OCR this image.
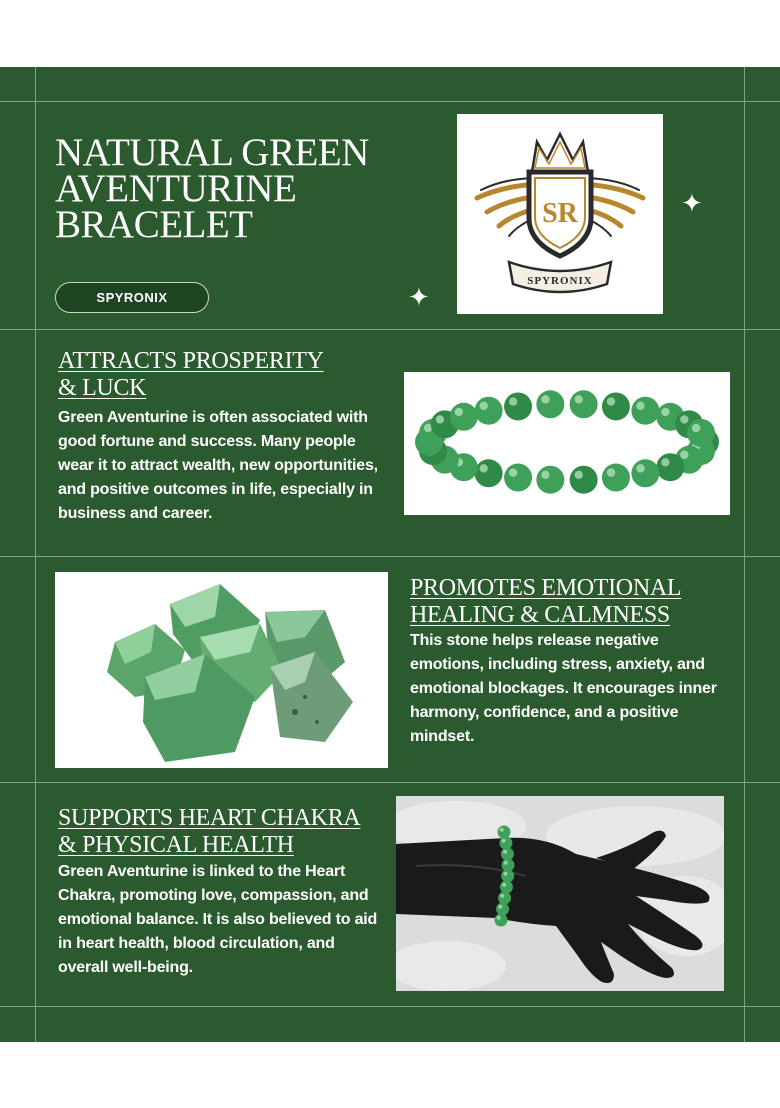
NATURAL GREEN
AVENTURINE
BRACELET
SPYRONIX	✦
✦
SR
SPYRONIX
ATTRACTS PROSPERITY
& LUCK

Green Aventurine is often associated with good fortune and success. Many people wear it to attract wealth, new opportunities, and positive outcomes in life, especially in business and career.

PROMOTES EMOTIONAL
HEALING & CALMNESS

This stone helps release negative emotions, including stress, anxiety, and emotional blockages. It encourages inner harmony, confidence, and a positive mindset.

SUPPORTS HEART CHAKRA
& PHYSICAL HEALTH

Green Aventurine is linked to the Heart Chakra, promoting love, compassion, and emotional balance. It is also believed to aid in heart health, blood circulation, and overall well-being.
